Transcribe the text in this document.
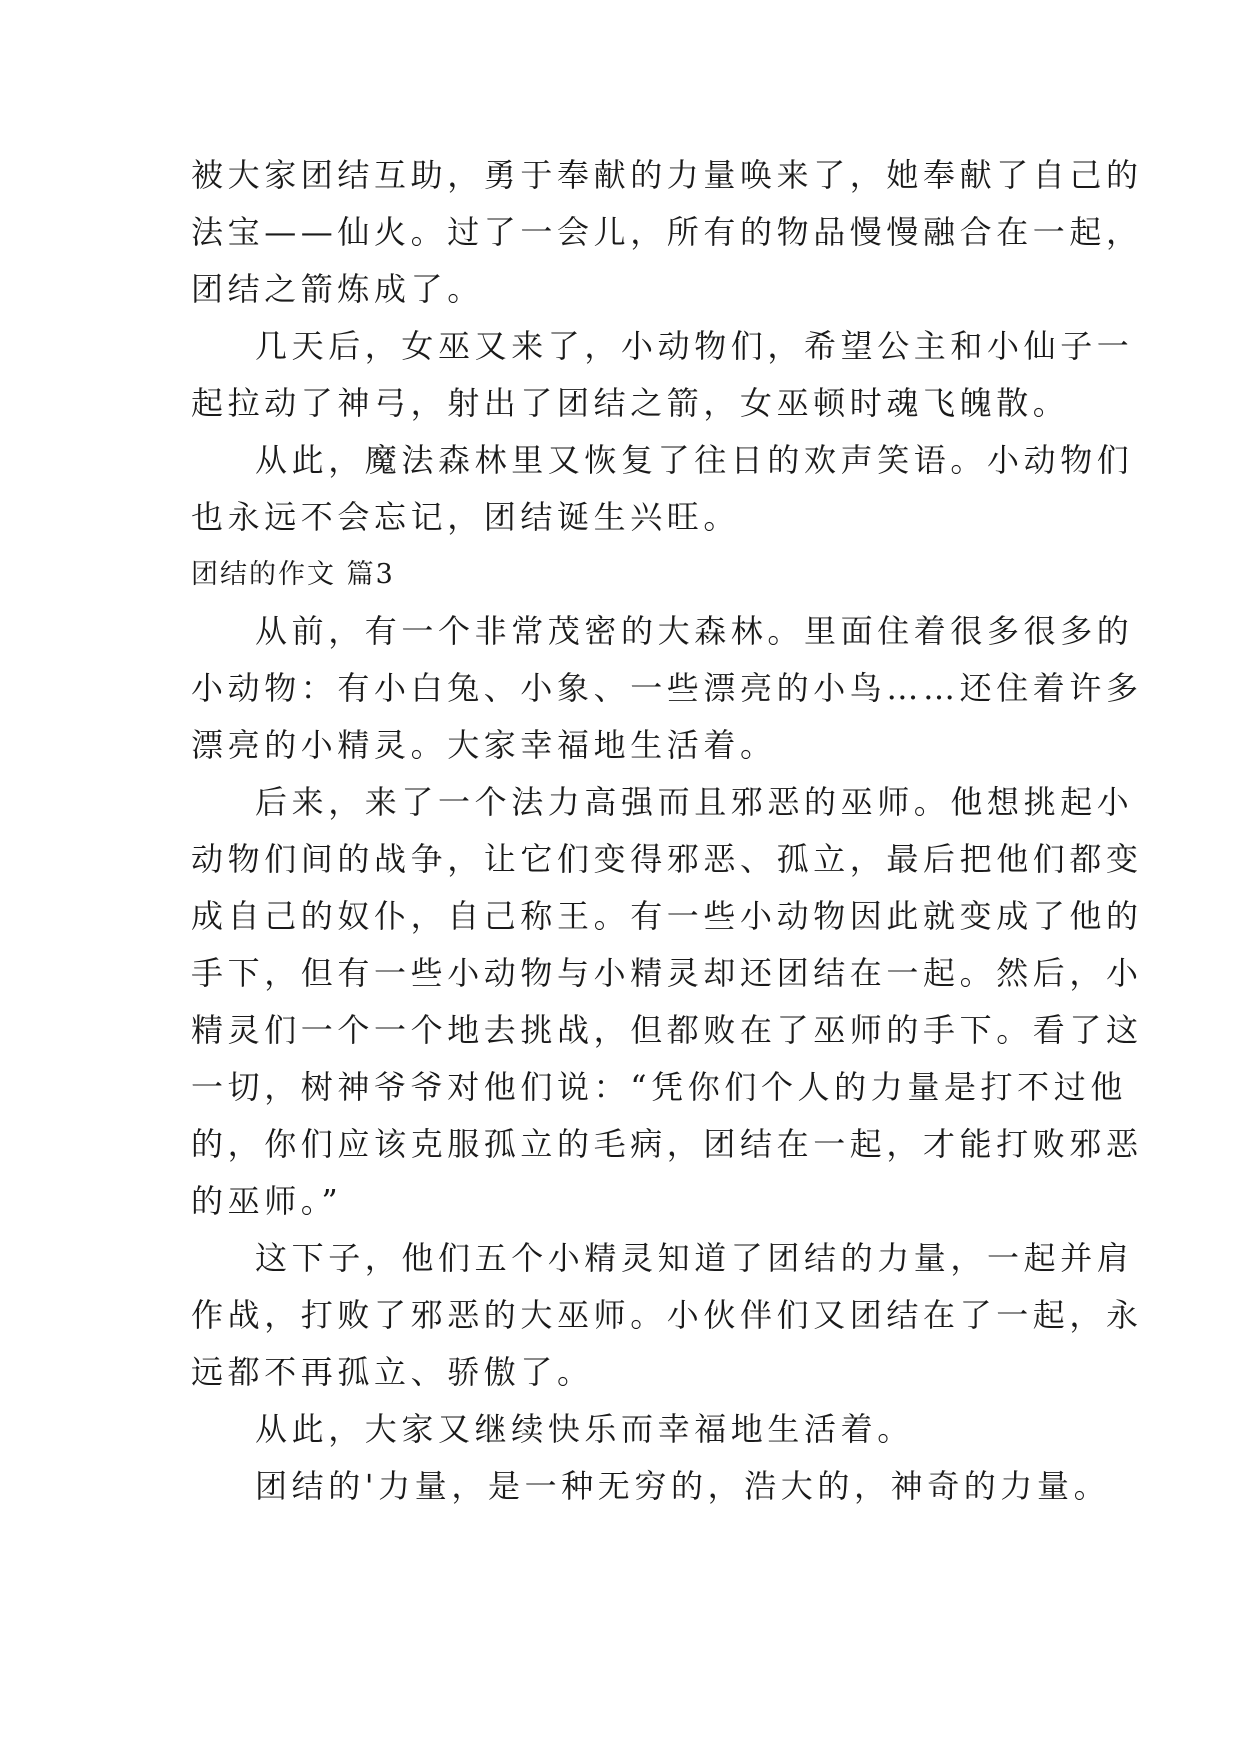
被大家团结互助，勇于奉献的力量唤来了，她奉献了自己的
法宝——仙火。过了一会儿，所有的物品慢慢融合在一起，
团结之箭炼成了。
几天后，女巫又来了，小动物们，希望公主和小仙子一
起拉动了神弓，射出了团结之箭，女巫顿时魂飞魄散。
从此，魔法森林里又恢复了往日的欢声笑语。小动物们
也永远不会忘记，团结诞生兴旺。
团结的作文 篇3
从前，有一个非常茂密的大森林。里面住着很多很多的
小动物：有小白兔、小象、一些漂亮的小鸟……还住着许多
漂亮的小精灵。大家幸福地生活着。
后来，来了一个法力高强而且邪恶的巫师。他想挑起小
动物们间的战争，让它们变得邪恶、孤立，最后把他们都变
成自己的奴仆，自己称王。有一些小动物因此就变成了他的
手下，但有一些小动物与小精灵却还团结在一起。然后，小
精灵们一个一个地去挑战，但都败在了巫师的手下。看了这
一切，树神爷爷对他们说：“凭你们个人的力量是打不过他
的，你们应该克服孤立的毛病，团结在一起，才能打败邪恶
的巫师。”
这下子，他们五个小精灵知道了团结的力量，一起并肩
作战，打败了邪恶的大巫师。小伙伴们又团结在了一起，永
远都不再孤立、骄傲了。
从此，大家又继续快乐而幸福地生活着。
团结的'力量，是一种无穷的，浩大的，神奇的力量。
